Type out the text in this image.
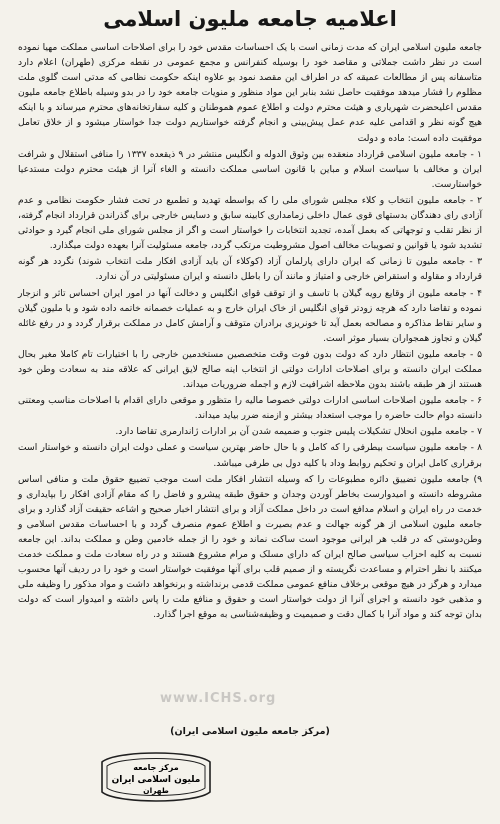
اعلامیه جامعه ملیون اسلامی

جامعه ملیون اسلامی ایران که مدت زمانی است با یک احساسات مقدس خود را برای اصلاحات اساسی مملکت مهیا نموده است در نظر داشت جملاتی و مقاصد خود را بوسیله کنفرانس و مجمع عمومی در نقطه مرکزی (طهران) اعلام دارد متاسفانه پس از مطالعات عمیقه که در اطراف این مقصد نمود بو علاوه اینکه حکومت نظامی که مدتی است گلوی ملت مظلوم را فشار میدهد موفقیت حاصل نشد بنابر این مواد منظور و منویات جامعه خود را در بدو وسیله باطلاع جامعه ملیون مقدس اعلیحضرت شهریاری و هیئت محترم دولت و اطلاع عموم هموطنان و کلیه سفارتخانه‌های محترم میرساند و با اینکه هیچ گونه نظر و اقدامی علیه عدم عمل پیش‌بینی و انجام گرفته خواستاریم دولت جدا خواستار میشود و از خلاق تعامل موفقیت داده است: ماده و دولت

۱ - جامعه ملیون اسلامی قرارداد منعقده بین وثوق الدوله و انگلیس منتشر در ۹ ذیقعده ۱۳۳۷ را منافی استقلال و شرافت ایران و مخالف با سیاست اسلام و مباین با قانون اساسی مملکت دانسته و الغاء آنرا از هیئت محترم دولت مستدعیا خواستارست.

۲ - جامعه ملیون انتخاب و کلاء مجلس شورای ملی را که بواسطه تهدید و تطمیع در تحت فشار حکومت نظامی و عدم آزادی رای دهندگان بدستهای قوی عمال داخلی زمامداری کابینه سابق و دسایس خارجی برای گذراندن قرارداد انجام گرفته، از نظر تقلب و توجهاتی که بعمل آمده، تجدید انتخابات را خواستار است و اگر از مجلس شورای ملی انجام گیرد و حوادثی تشدید شود یا قوانین و تصویبات مخالف اصول مشروطیت مرتکب گردد، جامعه مسئولیت آنرا بعهده دولت میگذارد.

۳ - جامعه ملیون تا زمانی که ایران دارای پارلمان آزاد (کوکلاء آن باید آزادی افکار ملت انتخاب شوند) نگردد هر گونه قرارداد و مقاوله و استقراض خارجی و امتیاز و مانند آن را باطل دانسته و ایران مسئولیتی در آن ندارد.

۴ - جامعه ملیون از وقایع رویه گیلان با تاسف و از توقف قوای انگلیس و دخالت آنها در امور ایران احساس تاثر و انزجار نموده و تقاضا دارد که هرچه زودتر قوای انگلیس از خاک ایران خارج و به عملیات خصمانه خاتمه داده شود و با ملیون گیلان و سایر نقاط مذاکره و مصالحه بعمل آید تا خونریزی برادران متوقف و آرامش کامل در مملکت برقرار گردد و در رفع غائله گیلان و تجاوز همجواران بسیار موثر است.

۵ - جامعه ملیون انتظار دارد که دولت بدون فوت وقت متخصصین مستخدمین خارجی را با اختیارات تام کاملا مغیر بحال مملکت ایران دانسته و برای اصلاحات ادارات دولتی از انتخاب اینه صالح لایق ایرانی که علاقه مند به سعادت وطن خود هستند از هر طبقه باشند بدون ملاحظه اشرافیت لازم و اجمله ضروریات میداند.

۶ - جامعه ملیون اصلاحات اساسی ادارات دولتی خصوصا مالیه را متظور و موقعی دارای اقدام با اصلاحات مناسب ومعتنی دانسته دوام حالت حاضره را موجب استعداد بیشتر و ازمنه ضرر بیاید میداند.

۷ - جامعه ملیون انحلال تشکیلات پلیس جنوب و ضمیمه شدن آن بر ادارات ژاندارمری تقاضا دارد.

۸ - جامعه ملیون سیاست بیطرفی را که کامل و با حال حاضر بهترین سیاست و عملی دولت ایران دانسته و خواستار است برقراری کامل ایران و تحکیم روابط وداد با کلیه دول بی طرفی میباشد.

۹) جامعه ملیون تضییق دائره مطبوعات را که وسیله انتشار افکار ملت است موجب تضییع حقوق ملت و منافی اساس مشروطه دانسته و امیدوارست بخاطر آوردن وجدان و حقوق طبقه پیشرو و فاضل را که مقام آزادی افکار را بپایداری و خدمت در راه ایران و اسلام مدافع است در داخل مملکت آزاد و برای انتشار اخبار صحیح و اشاعه حقیقت آزاد گذارد و برای جامعه ملیون اسلامی از هر گونه جهالت و عدم بصیرت و اطلاع عموم منصرف گردد و با احساسات مقدس اسلامی و وطن‌دوستی که در قلب هر ایرانی موجود است ساکت نماند و خود را از جمله خادمین وطن و مملکت بداند. این جامعه نسبت به کلیه احزاب سیاسی صالح ایران که دارای مسلک و مرام مشروع هستند و در راه سعادت ملت و مملکت خدمت میکنند با نظر احترام و مساعدت نگریسته و از صمیم قلب برای آنها موفقیت خواستار است و خود را در ردیف آنها محسوب میدارد و هرگز در هیچ موقعی برخلاف منافع عمومی مملکت قدمی برنداشته و برنخواهد داشت و مواد مذکور را وظیفه ملی و مذهبی خود دانسته و اجرای آنرا از دولت خواستار است و حقوق و منافع ملت را پاس داشته و امیدوار است که دولت بدان توجه کند و مواد آنرا با کمال دقت و صمیمیت و وظیفه‌شناسی به موقع اجرا گذارد.

(مرکز جامعه ملیون اسلامی ایران)
www.ICHS.org
مرکز جامعه
ملیون اسلامی ایران
طهران
